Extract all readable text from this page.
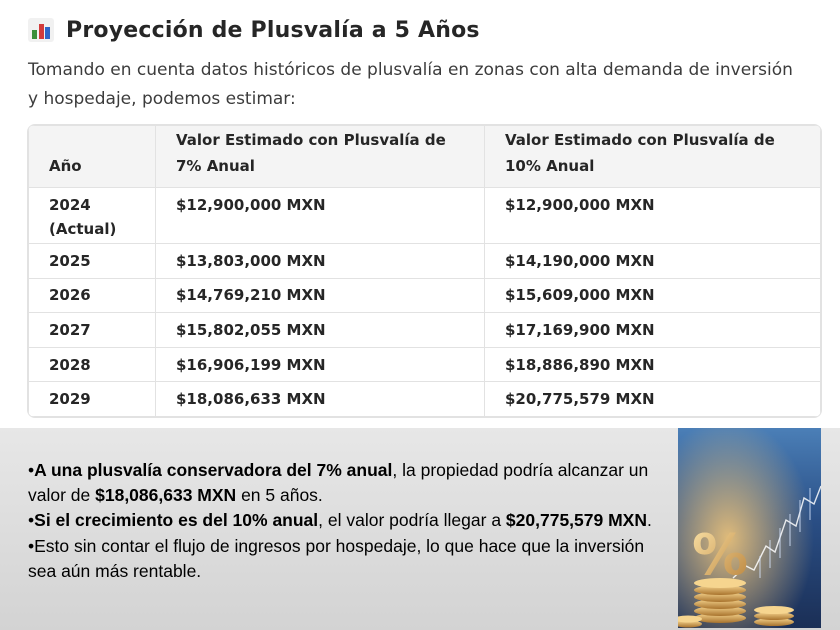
Proyección de Plusvalía a 5 Años
Tomando en cuenta datos históricos de plusvalía en zonas con alta demanda de inversión y hospedaje, podemos estimar:
Año	Valor Estimado con Plusvalía de 7% Anual	Valor Estimado con Plusvalía de 10% Anual
2024 (Actual)	$12,900,000 MXN	$12,900,000 MXN
2025	$13,803,000 MXN	$14,190,000 MXN
2026	$14,769,210 MXN	$15,609,000 MXN
2027	$15,802,055 MXN	$17,169,900 MXN
2028	$16,906,199 MXN	$18,886,890 MXN
2029	$18,086,633 MXN	$20,775,579 MXN

•A una plusvalía conservadora del 7% anual, la propiedad podría alcanzar un valor de $18,086,633 MXN en 5 años.

•Si el crecimiento es del 10% anual, el valor podría llegar a $20,775,579 MXN.

•Esto sin contar el flujo de ingresos por hospedaje, lo que hace que la inversión sea aún más rentable.	%
